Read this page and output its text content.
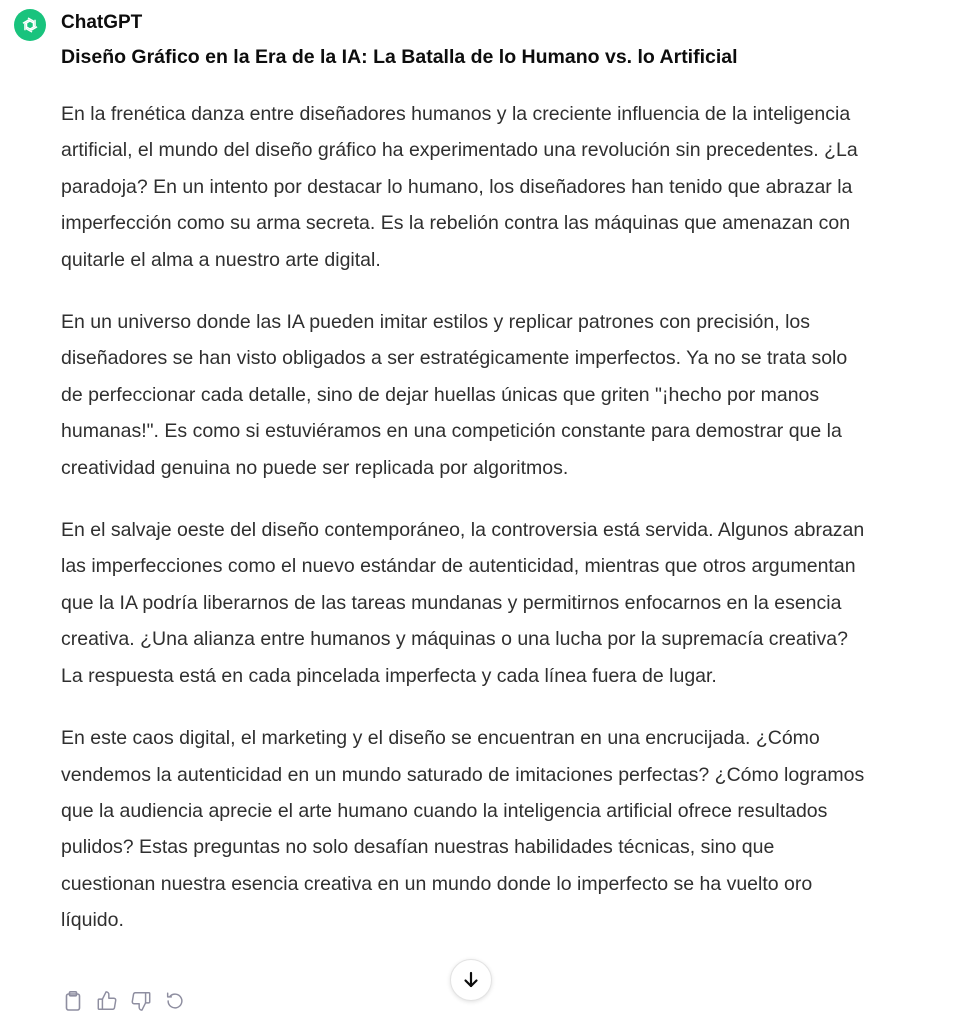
ChatGPT
Diseño Gráfico en la Era de la IA: La Batalla de lo Humano vs. lo Artificial

En la frenética danza entre diseñadores humanos y la creciente influencia de la inteligencia artificial, el mundo del diseño gráfico ha experimentado una revolución sin precedentes. ¿La paradoja? En un intento por destacar lo humano, los diseñadores han tenido que abrazar la imperfección como su arma secreta. Es la rebelión contra las máquinas que amenazan con quitarle el alma a nuestro arte digital.

En un universo donde las IA pueden imitar estilos y replicar patrones con precisión, los diseñadores se han visto obligados a ser estratégicamente imperfectos. Ya no se trata solo de perfeccionar cada detalle, sino de dejar huellas únicas que griten "¡hecho por manos humanas!". Es como si estuviéramos en una competición constante para demostrar que la creatividad genuina no puede ser replicada por algoritmos.

En el salvaje oeste del diseño contemporáneo, la controversia está servida. Algunos abrazan las imperfecciones como el nuevo estándar de autenticidad, mientras que otros argumentan que la IA podría liberarnos de las tareas mundanas y permitirnos enfocarnos en la esencia creativa. ¿Una alianza entre humanos y máquinas o una lucha por la supremacía creativa? La respuesta está en cada pincelada imperfecta y cada línea fuera de lugar.

En este caos digital, el marketing y el diseño se encuentran en una encrucijada. ¿Cómo vendemos la autenticidad en un mundo saturado de imitaciones perfectas? ¿Cómo logramos que la audiencia aprecie el arte humano cuando la inteligencia artificial ofrece resultados pulidos? Estas preguntas no solo desafían nuestras habilidades técnicas, sino que cuestionan nuestra esencia creativa en un mundo donde lo imperfecto se ha vuelto oro líquido.
